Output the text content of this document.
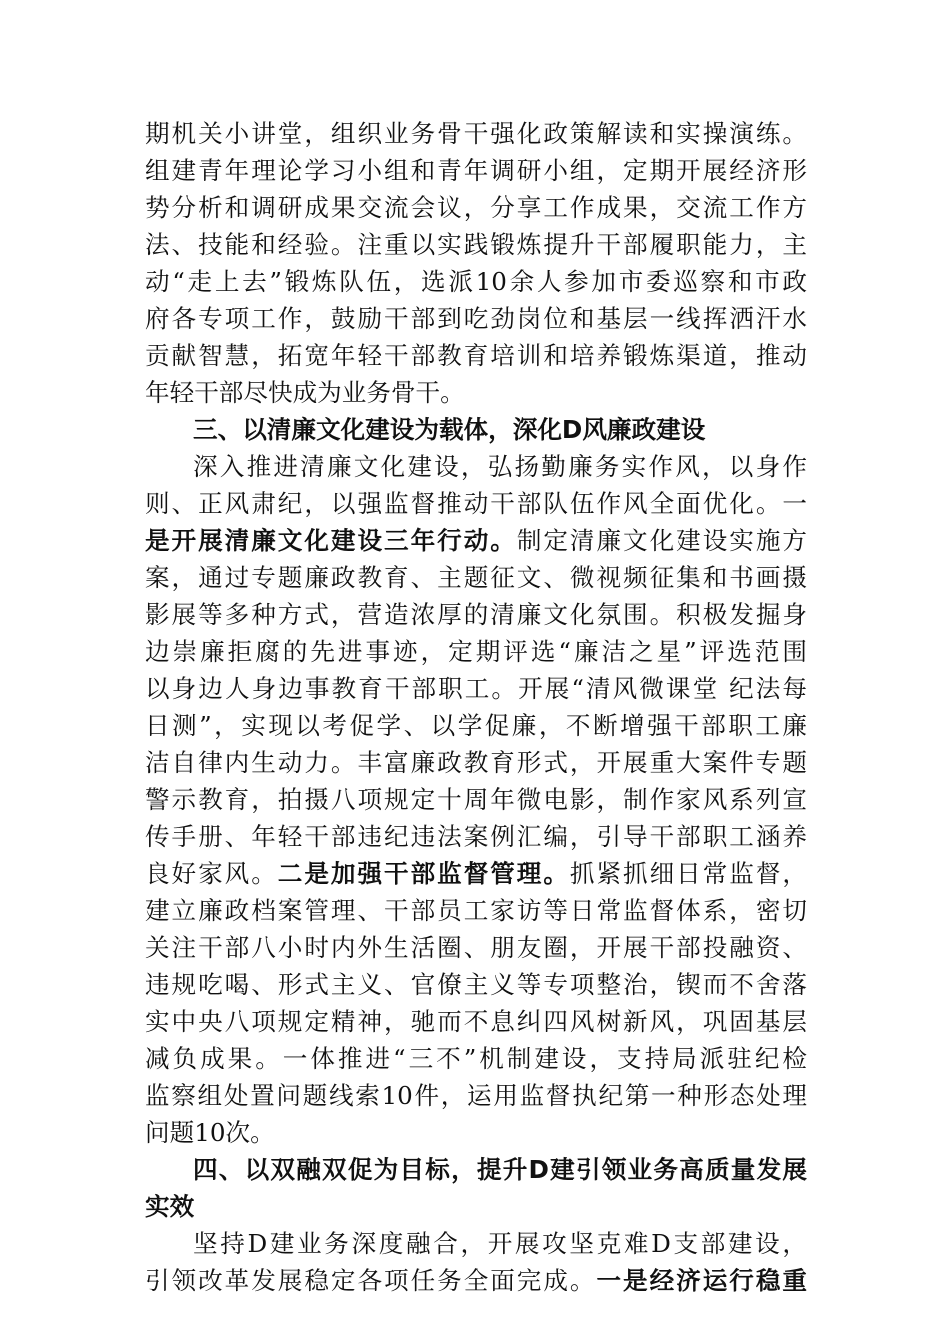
期机关小讲堂，组织业务骨干强化政策解读和实操演练。
组建青年理论学习小组和青年调研小组，定期开展经济形
势分析和调研成果交流会议，分享工作成果，交流工作方
法、技能和经验。注重以实践锻炼提升干部履职能力，主
动“走上去”锻炼队伍，选派10余人参加市委巡察和市政
府各专项工作，鼓励干部到吃劲岗位和基层一线挥洒汗水
贡献智慧，拓宽年轻干部教育培训和培养锻炼渠道，推动
年轻干部尽快成为业务骨干。
三、以清廉文化建设为载体，深化D风廉政建设
深入推进清廉文化建设，弘扬勤廉务实作风，以身作
则、正风肃纪，以强监督推动干部队伍作风全面优化。一
是开展清廉文化建设三年行动。制定清廉文化建设实施方
案，通过专题廉政教育、主题征文、微视频征集和书画摄
影展等多种方式，营造浓厚的清廉文化氛围。积极发掘身
边崇廉拒腐的先进事迹，定期评选“廉洁之星”评选范围
以身边人身边事教育干部职工。开展“清风微课堂 纪法每
日测”，实现以考促学、以学促廉，不断增强干部职工廉
洁自律内生动力。丰富廉政教育形式，开展重大案件专题
警示教育，拍摄八项规定十周年微电影，制作家风系列宣
传手册、年轻干部违纪违法案例汇编，引导干部职工涵养
良好家风。二是加强干部监督管理。抓紧抓细日常监督，
建立廉政档案管理、干部员工家访等日常监督体系，密切
关注干部八小时内外生活圈、朋友圈，开展干部投融资、
违规吃喝、形式主义、官僚主义等专项整治，锲而不舍落
实中央八项规定精神，驰而不息纠四风树新风，巩固基层
减负成果。一体推进“三不”机制建设，支持局派驻纪检
监察组处置问题线索10件，运用监督执纪第一种形态处理
问题10次。
四、以双融双促为目标，提升D建引领业务高质量发展
实效
坚持D建业务深度融合，开展攻坚克难D支部建设，
引领改革发展稳定各项任务全面完成。一是经济运行稳重
